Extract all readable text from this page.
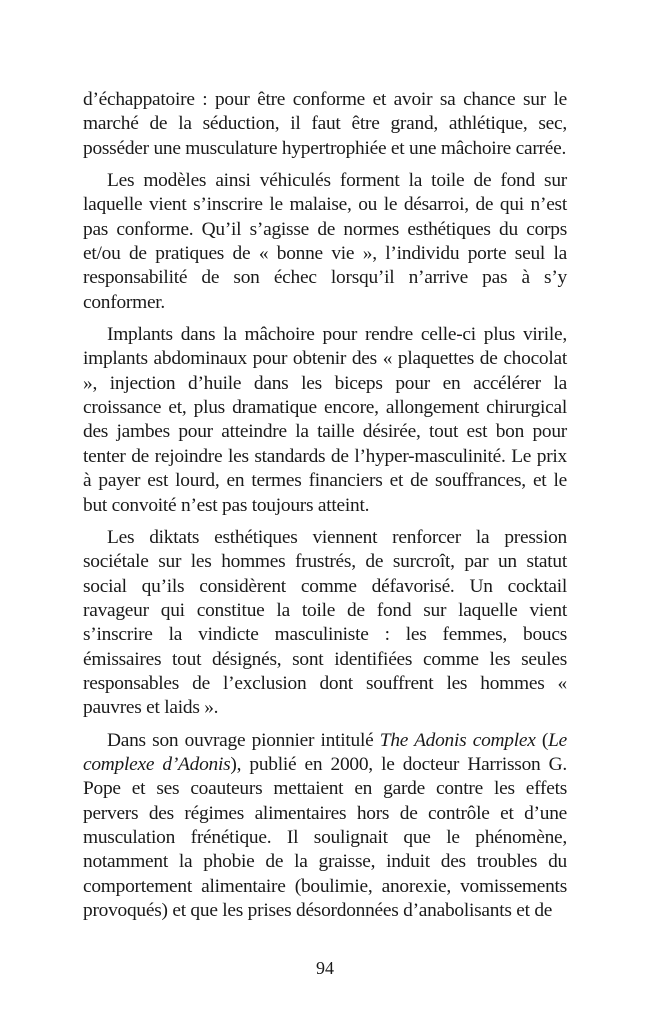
d’échappatoire : pour être conforme et avoir sa chance sur le marché de la séduction, il faut être grand, athlétique, sec, posséder une musculature hypertrophiée et une mâchoire carrée.

Les modèles ainsi véhiculés forment la toile de fond sur laquelle vient s’inscrire le malaise, ou le désarroi, de qui n’est pas conforme. Qu’il s’agisse de normes esthétiques du corps et/ou de pratiques de « bonne vie », l’individu porte seul la responsabilité de son échec lorsqu’il n’arrive pas à s’y conformer.

Implants dans la mâchoire pour rendre celle-ci plus virile, implants abdominaux pour obtenir des « plaquettes de chocolat », injection d’huile dans les biceps pour en accélérer la croissance et, plus dramatique encore, allongement chirurgical des jambes pour atteindre la taille désirée, tout est bon pour tenter de rejoindre les standards de l’hyper-masculinité. Le prix à payer est lourd, en termes financiers et de souffrances, et le but convoité n’est pas toujours atteint.

Les diktats esthétiques viennent renforcer la pression sociétale sur les hommes frustrés, de surcroît, par un statut social qu’ils considèrent comme défavorisé. Un cocktail ravageur qui constitue la toile de fond sur laquelle vient s’inscrire la vindicte masculiniste : les femmes, boucs émissaires tout désignés, sont identifiées comme les seules responsables de l’exclusion dont souffrent les hommes « pauvres et laids ».

Dans son ouvrage pionnier intitulé The Adonis complex (Le complexe d’Adonis), publié en 2000, le docteur Harrisson G. Pope et ses coauteurs mettaient en garde contre les effets pervers des régimes alimentaires hors de contrôle et d’une musculation frénétique. Il soulignait que le phénomène, notamment la phobie de la graisse, induit des troubles du comportement alimentaire (boulimie, anorexie, vomissements provoqués) et que les prises désordonnées d’anabolisants et de

94
